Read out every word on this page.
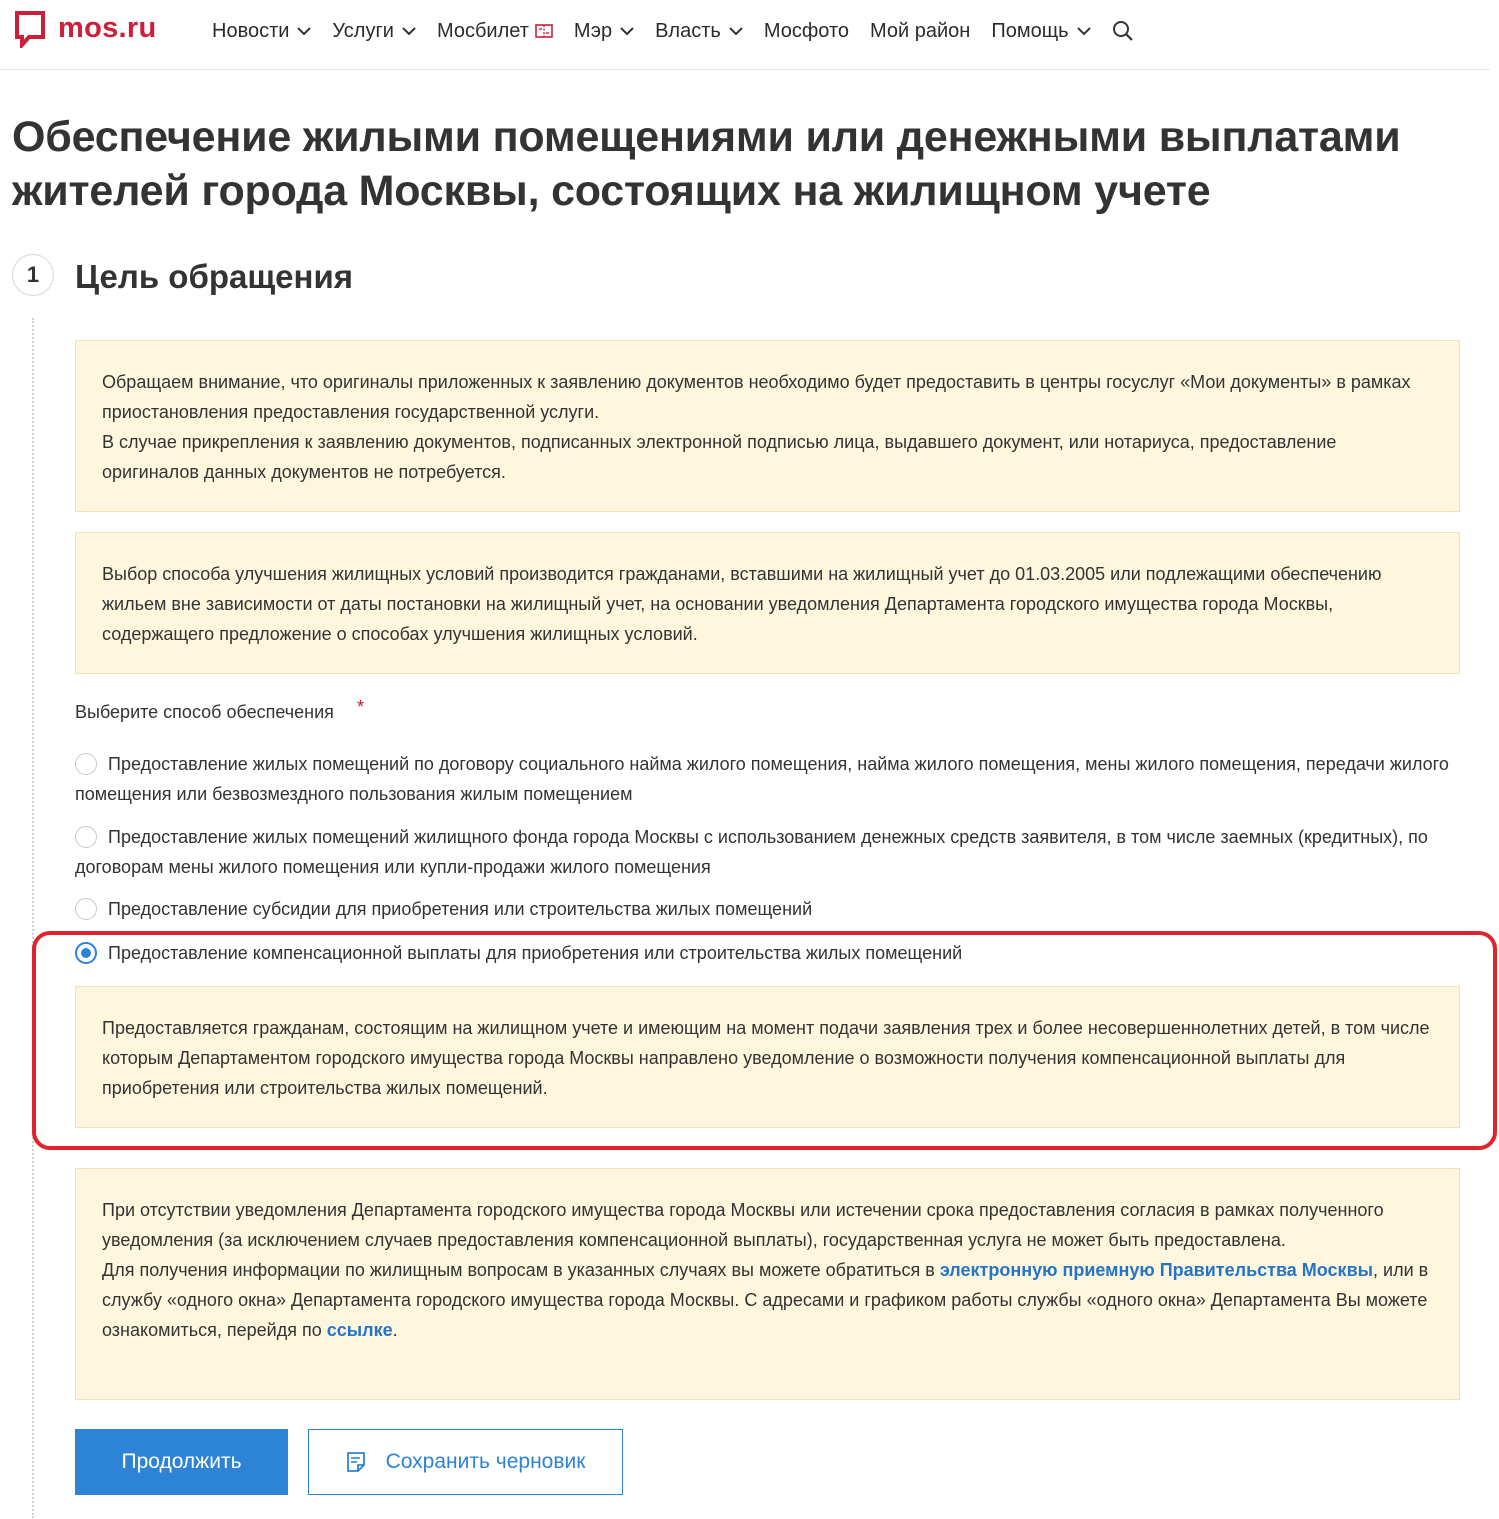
mos.ru	Новости Услуги Мосбилет Мэр Власть Мосфото Мой район Помощь
Обеспечение жилыми помещениями или денежными выплатами
жителей города Москвы, состоящих на жилищном учете
1	Цель обращения

Обращаем внимание, что оригиналы приложенных к заявлению документов необходимо будет предоставить в центры госуслуг «Мои документы» в рамках приостановления предоставления государственной услуги.

В случае прикрепления к заявлению документов, подписанных электронной подписью лица, выдавшего документ, или нотариуса, предоставление оригиналов данных документов не потребуется.

Выбор способа улучшения жилищных условий производится гражданами, вставшими на жилищный учет до 01.03.2005 или подлежащими обеспечению жильем вне зависимости от даты постановки на жилищный учет, на основании уведомления Департамента городского имущества города Москвы, содержащего предложение о способах улучшения жилищных условий.

Выберите способ обеспечения *
Предоставление жилых помещений по договору социального найма жилого помещения, найма жилого помещения, мены жилого помещения, передачи жилого помещения или безвозмездного пользования жилым помещением
Предоставление жилых помещений жилищного фонда города Москвы с использованием денежных средств заявителя, в том числе заемных (кредитных), по договорам мены жилого помещения или купли-продажи жилого помещения
Предоставление субсидии для приобретения или строительства жилых помещений
Предоставление компенсационной выплаты для приобретения или строительства жилых помещений

Предоставляется гражданам, состоящим на жилищном учете и имеющим на момент подачи заявления трех и более несовершеннолетних детей, в том числе которым Департаментом городского имущества города Москвы направлено уведомление о возможности получения компенсационной выплаты для приобретения или строительства жилых помещений.

При отсутствии уведомления Департамента городского имущества города Москвы или истечении срока предоставления согласия в рамках полученного уведомления (за исключением случаев предоставления компенсационной выплаты), государственная услуга не может быть предоставлена.

Для получения информации по жилищным вопросам в указанных случаях вы можете обратиться в электронную приемную Правительства Москвы, или в службу «одного окна» Департамента городского имущества города Москвы. С адресами и графиком работы службы «одного окна» Департамента Вы можете ознакомиться, перейдя по ссылке.

Продолжить	Сохранить черновик
